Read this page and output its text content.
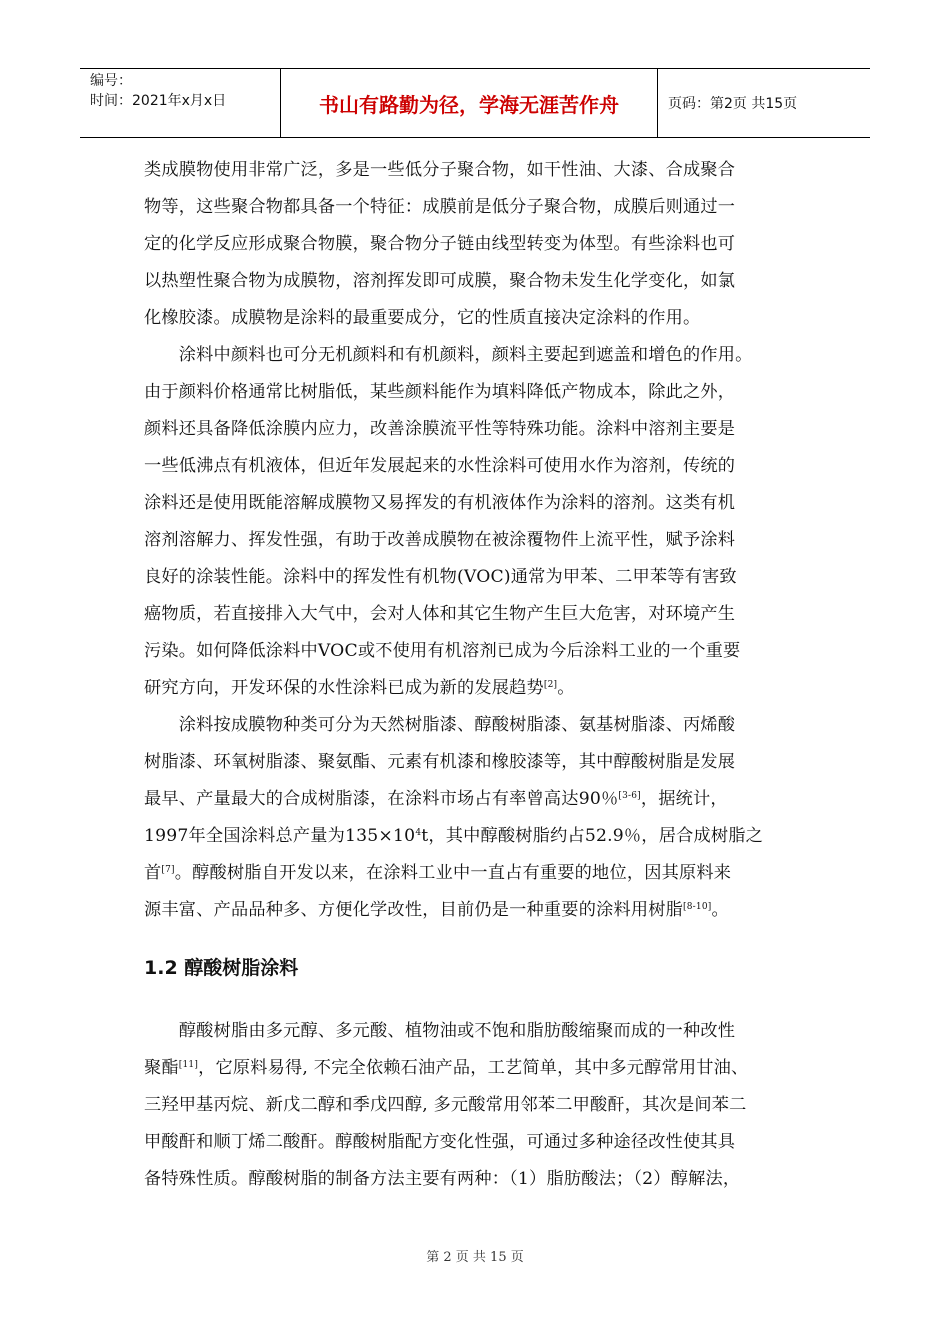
编号：
时间：2021年x月x日	书山有路勤为径，学海无涯苦作舟	页码：第2页 共15页

类成膜物使用非常广泛，多是一些低分子聚合物，如干性油、大漆、合成聚合

物等，这些聚合物都具备一个特征：成膜前是低分子聚合物，成膜后则通过一

定的化学反应形成聚合物膜，聚合物分子链由线型转变为体型。有些涂料也可

以热塑性聚合物为成膜物，溶剂挥发即可成膜，聚合物未发生化学变化，如氯

化橡胶漆。成膜物是涂料的最重要成分，它的性质直接决定涂料的作用。

　　涂料中颜料也可分无机颜料和有机颜料，颜料主要起到遮盖和增色的作用。

由于颜料价格通常比树脂低，某些颜料能作为填料降低产物成本，除此之外，

颜料还具备降低涂膜内应力，改善涂膜流平性等特殊功能。涂料中溶剂主要是

一些低沸点有机液体，但近年发展起来的水性涂料可使用水作为溶剂，传统的

涂料还是使用既能溶解成膜物又易挥发的有机液体作为涂料的溶剂。这类有机

溶剂溶解力、挥发性强，有助于改善成膜物在被涂覆物件上流平性，赋予涂料

良好的涂装性能。涂料中的挥发性有机物(VOC)通常为甲苯、二甲苯等有害致

癌物质，若直接排入大气中，会对人体和其它生物产生巨大危害，对环境产生

污染。如何降低涂料中VOC或不使用有机溶剂已成为今后涂料工业的一个重要

研究方向，开发环保的水性涂料已成为新的发展趋势[2]。

　　涂料按成膜物种类可分为天然树脂漆、醇酸树脂漆、氨基树脂漆、丙烯酸

树脂漆、环氧树脂漆、聚氨酯、元素有机漆和橡胶漆等，其中醇酸树脂是发展

最早、产量最大的合成树脂漆，在涂料市场占有率曾高达90％[3-6]，据统计，

1997年全国涂料总产量为$135\times 10^4t$，其中醇酸树脂约占52.9％，居合成树脂之

首[7]。醇酸树脂自开发以来，在涂料工业中一直占有重要的地位，因其原料来

源丰富、产品品种多、方便化学改性，目前仍是一种重要的涂料用树脂[8-10]。

1.2 醇酸树脂涂料

　　醇酸树脂由多元醇、多元酸、植物油或不饱和脂肪酸缩聚而成的一种改性

聚酯[11]，它原料易得, 不完全依赖石油产品，工艺简单，其中多元醇常用甘油、

三羟甲基丙烷、新戊二醇和季戊四醇, 多元酸常用邻苯二甲酸酐，其次是间苯二

甲酸酐和顺丁烯二酸酐。醇酸树脂配方变化性强，可通过多种途径改性使其具

备特殊性质。醇酸树脂的制备方法主要有两种：（1）脂肪酸法；（2）醇解法，

第 2 页 共 15 页
